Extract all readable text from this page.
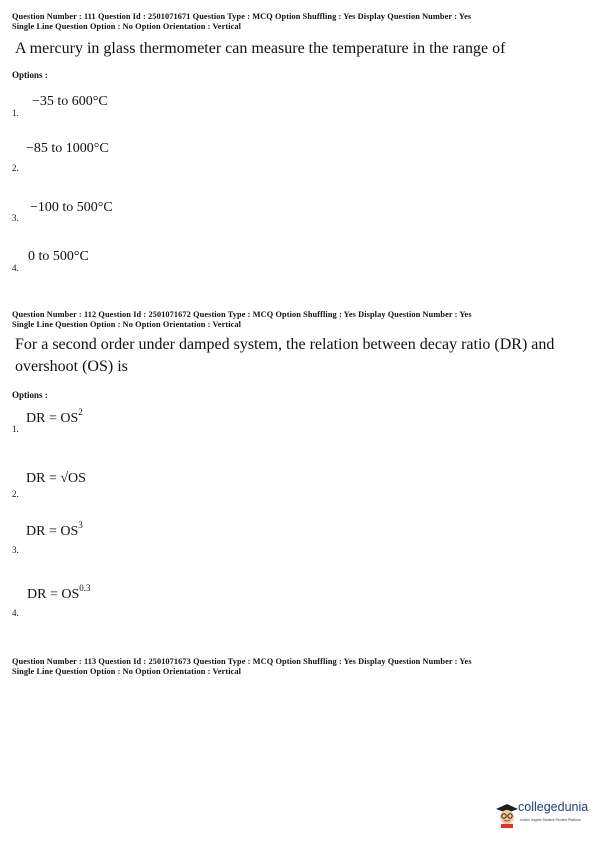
Question Number : 111 Question Id : 2501071671 Question Type : MCQ Option Shuffling : Yes Display Question Number : Yes
Single Line Question Option : No Option Orientation : Vertical
A mercury in glass thermometer can measure the temperature in the range of
Options :
−35 to 600°C
1.
−85 to 1000°C
2.
−100 to 500°C
3.
0 to 500°C
4.
Question Number : 112 Question Id : 2501071672 Question Type : MCQ Option Shuffling : Yes Display Question Number : Yes
Single Line Question Option : No Option Orientation : Vertical
For a second order under damped system, the relation between decay ratio (DR) and overshoot (OS) is
Options :
DR = $OS^2$
1.
DR = √OS
2.
DR = $OS^3$
3.
DR = $OS^{0.3}$
4.
Question Number : 113 Question Id : 2501071673 Question Type : MCQ Option Shuffling : Yes Display Question Number : Yes
Single Line Question Option : No Option Orientation : Vertical
collegedunia
India's largest Student Review Platform
